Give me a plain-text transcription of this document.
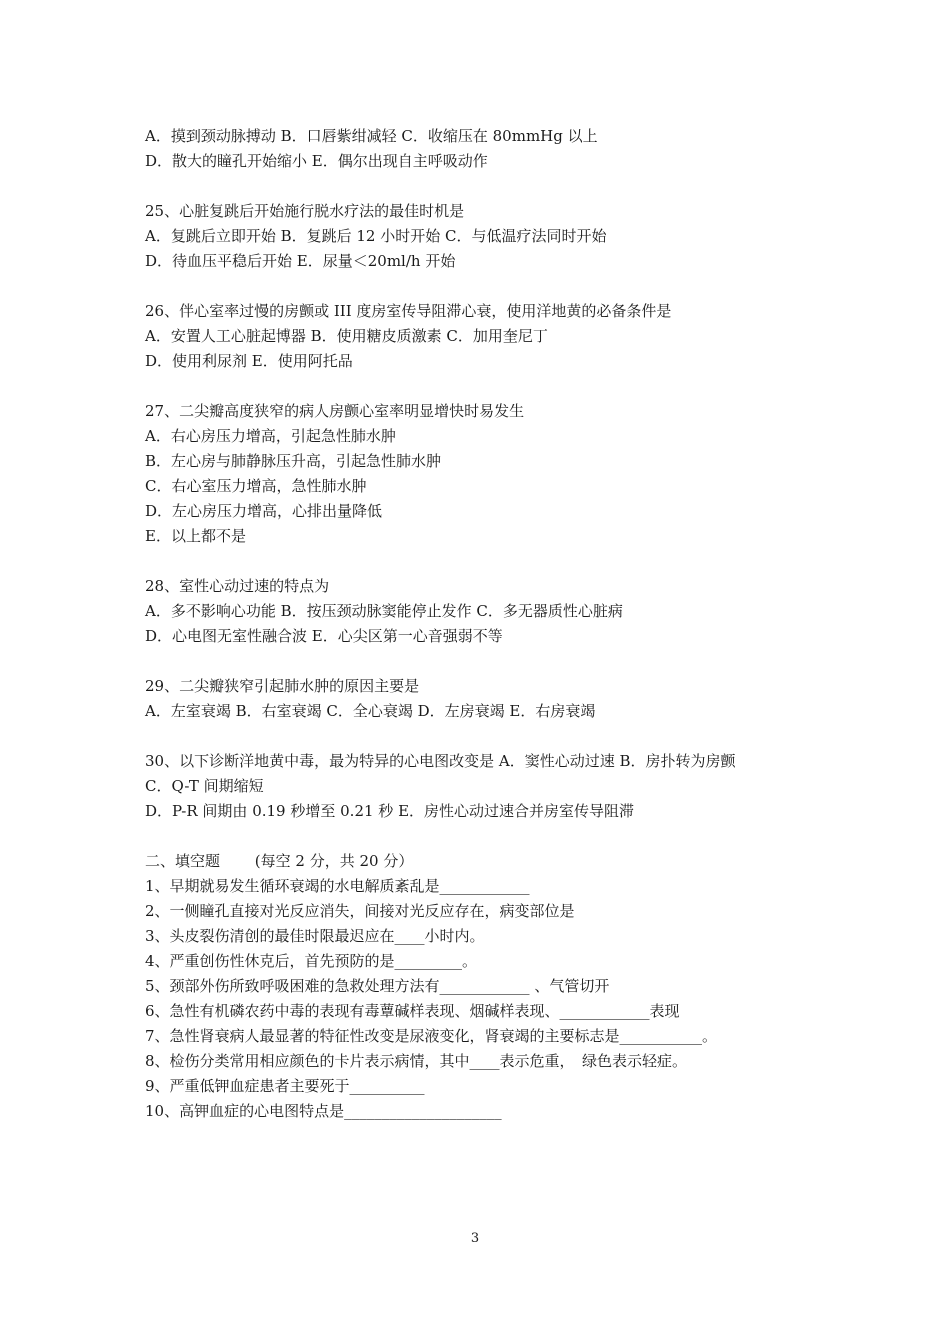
A．摸到颈动脉搏动 B．口唇紫绀减轻 C．收缩压在 80mmHg 以上
D．散大的瞳孔开始缩小 E．偶尔出现自主呼吸动作
25、心脏复跳后开始施行脱水疗法的最佳时机是
A．复跳后立即开始 B．复跳后 12 小时开始 C．与低温疗法同时开始
D．待血压平稳后开始 E．尿量＜20ml/h 开始
26、伴心室率过慢的房颤或 III 度房室传导阻滞心衰，使用洋地黄的必备条件是
A．安置人工心脏起博器 B．使用糖皮质激素 C．加用奎尼丁
D．使用利尿剂 E．使用阿托品
27、二尖瓣高度狭窄的病人房颤心室率明显增快时易发生
A．右心房压力增高，引起急性肺水肿
B．左心房与肺静脉压升高，引起急性肺水肿
C．右心室压力增高，急性肺水肿
D．左心房压力增高，心排出量降低
E．以上都不是
28、室性心动过速的特点为
A．多不影响心功能 B．按压颈动脉窦能停止发作 C．多无器质性心脏病
D．心电图无室性融合波 E．心尖区第一心音强弱不等
29、二尖瓣狭窄引起肺水肿的原因主要是
A．左室衰竭 B．右室衰竭 C．全心衰竭 D．左房衰竭 E．右房衰竭
30、以下诊断洋地黄中毒，最为特异的心电图改变是 A．窦性心动过速 B．房扑转为房颤
C．Q-T 间期缩短
D．P-R 间期由 0.19 秒增至 0.21 秒 E．房性心动过速合并房室传导阻滞
二、填空题　　 (每空 2 分，共 20 分）
1、早期就易发生循环衰竭的水电解质紊乱是____________
2、一侧瞳孔直接对光反应消失，间接对光反应存在，病变部位是
3、头皮裂伤清创的最佳时限最迟应在____小时内。
4、严重创伤性休克后，首先预防的是_________。
5、颈部外伤所致呼吸困难的急救处理方法有____________ 、气管切开
6、急性有机磷农药中毒的表现有毒蕈碱样表现、烟碱样表现、____________表现
7、急性肾衰病人最显著的特征性改变是尿液变化，肾衰竭的主要标志是___________。
8、检伤分类常用相应颜色的卡片表示病情，其中____表示危重，　绿色表示轻症。
9、严重低钾血症患者主要死于__________
10、高钾血症的心电图特点是_____________________
3
